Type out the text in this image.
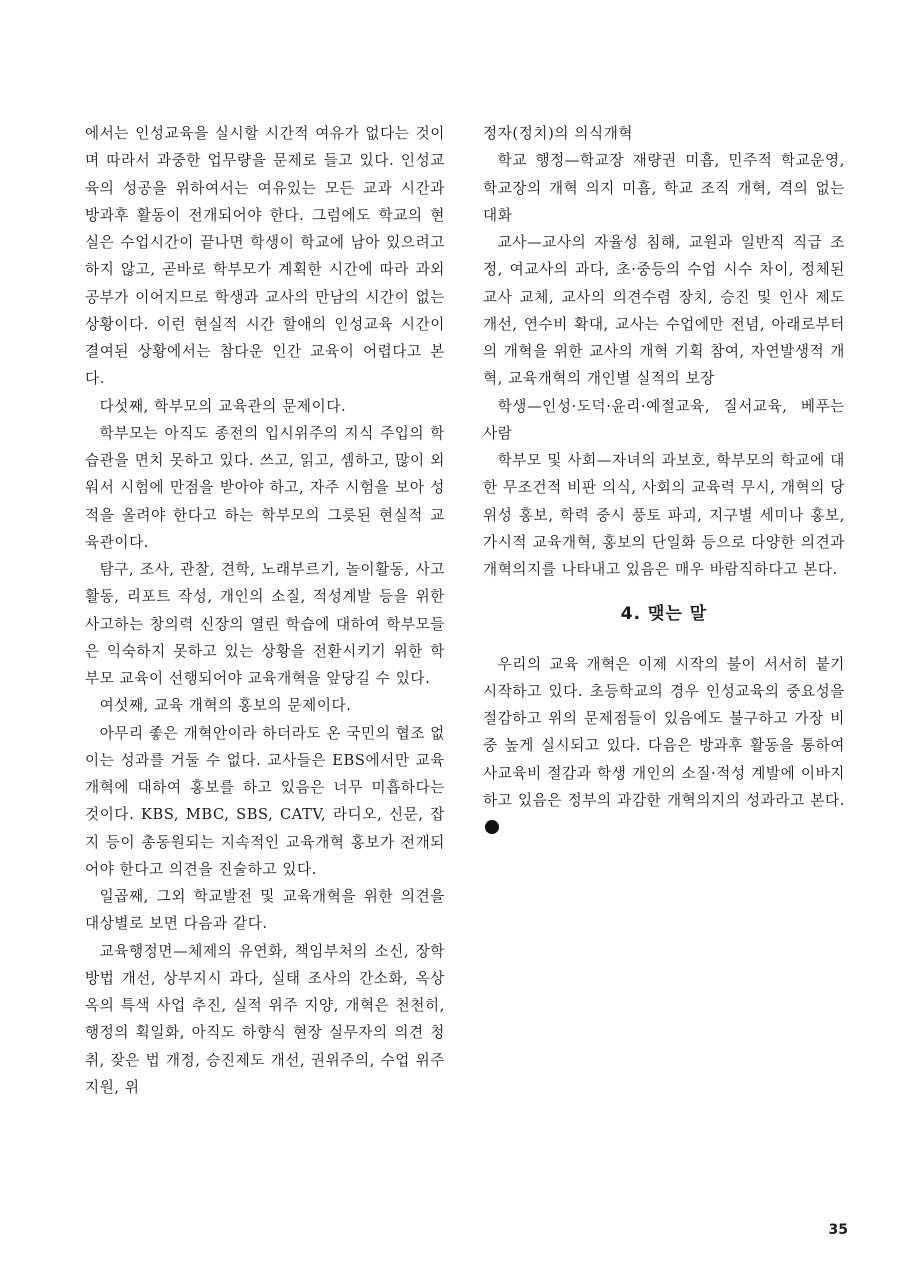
에서는 인성교육을 실시할 시간적 여유가 없다는 것이며 따라서 과중한 업무량을 문제로 들고 있다. 인성교육의 성공을 위하여서는 여유있는 모든 교과 시간과 방과후 활동이 전개되어야 한다. 그럼에도 학교의 현실은 수업시간이 끝나면 학생이 학교에 남아 있으려고 하지 않고, 곧바로 학부모가 계획한 시간에 따라 과외공부가 이어지므로 학생과 교사의 만남의 시간이 없는 상황이다. 이런 현실적 시간 할애의 인성교육 시간이 결여된 상황에서는 참다운 인간 교육이 어렵다고 본다.

다섯째, 학부모의 교육관의 문제이다.

학부모는 아직도 종전의 입시위주의 지식 주입의 학습관을 면치 못하고 있다. 쓰고, 읽고, 셈하고, 많이 외워서 시험에 만점을 받아야 하고, 자주 시험을 보아 성적을 올려야 한다고 하는 학부모의 그릇된 현실적 교육관이다.

탐구, 조사, 관찰, 견학, 노래부르기, 놀이활동, 사고활동, 리포트 작성, 개인의 소질, 적성계발 등을 위한 사고하는 창의력 신장의 열린 학습에 대하여 학부모들은 익숙하지 못하고 있는 상황을 전환시키기 위한 학부모 교육이 선행되어야 교육개혁을 앞당길 수 있다.

여섯째, 교육 개혁의 홍보의 문제이다.

아무리 좋은 개혁안이라 하더라도 온 국민의 협조 없이는 성과를 거둘 수 없다. 교사들은 EBS에서만 교육개혁에 대하여 홍보를 하고 있음은 너무 미흡하다는 것이다. KBS, MBC, SBS, CATV, 라디오, 신문, 잡지 등이 총동원되는 지속적인 교육개혁 홍보가 전개되어야 한다고 의견을 진술하고 있다.

일곱째, 그외 학교발전 및 교육개혁을 위한 의견을 대상별로 보면 다음과 같다.

교육행정면—체제의 유연화, 책임부처의 소신, 장학방법 개선, 상부지시 과다, 실태 조사의 간소화, 옥상옥의 특색 사업 추진, 실적 위주 지양, 개혁은 천천히, 행정의 획일화, 아직도 하향식 현장 실무자의 의견 청취, 잦은 법 개정, 승진제도 개선, 권위주의, 수업 위주 지원, 위

정자(정치)의 의식개혁

학교 행정—학교장 재량권 미흡, 민주적 학교운영, 학교장의 개혁 의지 미흡, 학교 조직 개혁, 격의 없는 대화

교사—교사의 자율성 침해, 교원과 일반직 직급 조정, 여교사의 과다, 초·중등의 수업 시수 차이, 정체된 교사 교체, 교사의 의견수렴 장치, 승진 및 인사 제도 개선, 연수비 확대, 교사는 수업에만 전념, 아래로부터의 개혁을 위한 교사의 개혁 기획 참여, 자연발생적 개혁, 교육개혁의 개인별 실적의 보장

학생—인성·도덕·윤리·예절교육, 질서교육, 베푸는 사람

학부모 및 사회—자녀의 과보호, 학부모의 학교에 대한 무조건적 비판 의식, 사회의 교육력 무시, 개혁의 당위성 홍보, 학력 중시 풍토 파괴, 지구별 세미나 홍보, 가시적 교육개혁, 홍보의 단일화 등으로 다양한 의견과 개혁의지를 나타내고 있음은 매우 바람직하다고 본다.

4. 맺는 말

우리의 교육 개혁은 이제 시작의 불이 서서히 붙기 시작하고 있다. 초등학교의 경우 인성교육의 중요성을 절감하고 위의 문제점들이 있음에도 불구하고 가장 비중 높게 실시되고 있다. 다음은 방과후 활동을 통하여 사교육비 절감과 학생 개인의 소질·적성 계발에 이바지하고 있음은 정부의 과감한 개혁의지의 성과라고 본다.

35
